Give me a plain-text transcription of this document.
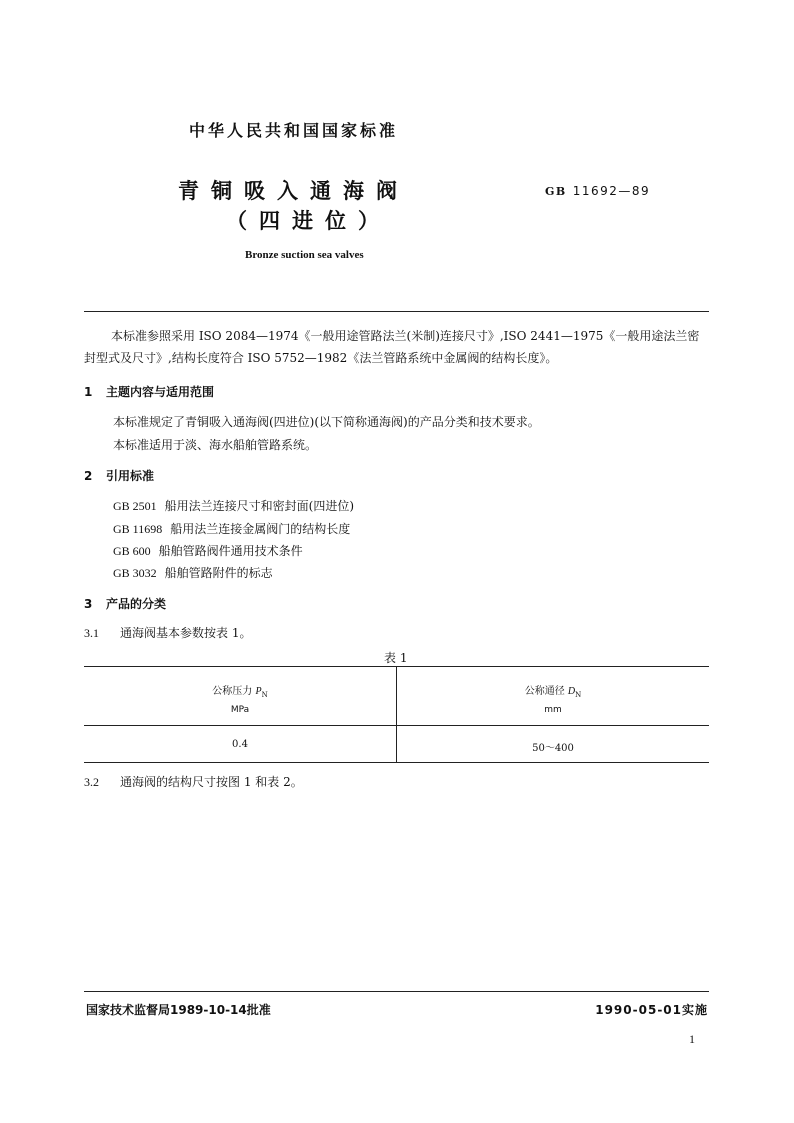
中华人民共和国国家标准
青铜吸入通海阀
（四进位）
GB 11692—89
Bronze suction sea valves

本标准参照采用 ISO 2084—1974《一般用途管路法兰(米制)连接尺寸》,ISO 2441—1975《一般用途法兰密封型式及尺寸》,结构长度符合 ISO 5752—1982《法兰管路系统中金属阀的结构长度》。

1 主题内容与适用范围
本标准规定了青铜吸入通海阀(四进位)(以下简称通海阀)的产品分类和技术要求。
本标准适用于淡、海水船舶管路系统。
2 引用标准
GB 2501 船用法兰连接尺寸和密封面(四进位)
GB 11698 船用法兰连接金属阀门的结构长度
GB 600 船舶管路阀件通用技术条件
GB 3032 船舶管路附件的标志
3 产品的分类
3.1 通海阀基本参数按表 1。
表 1
公称压力 $P_N$
MPa
公称通径 $D_N$
mm
0.4	50～400
3.2 通海阀的结构尺寸按图 1 和表 2。
国家技术监督局1989-10-14批准	1990-05-01实施
1
